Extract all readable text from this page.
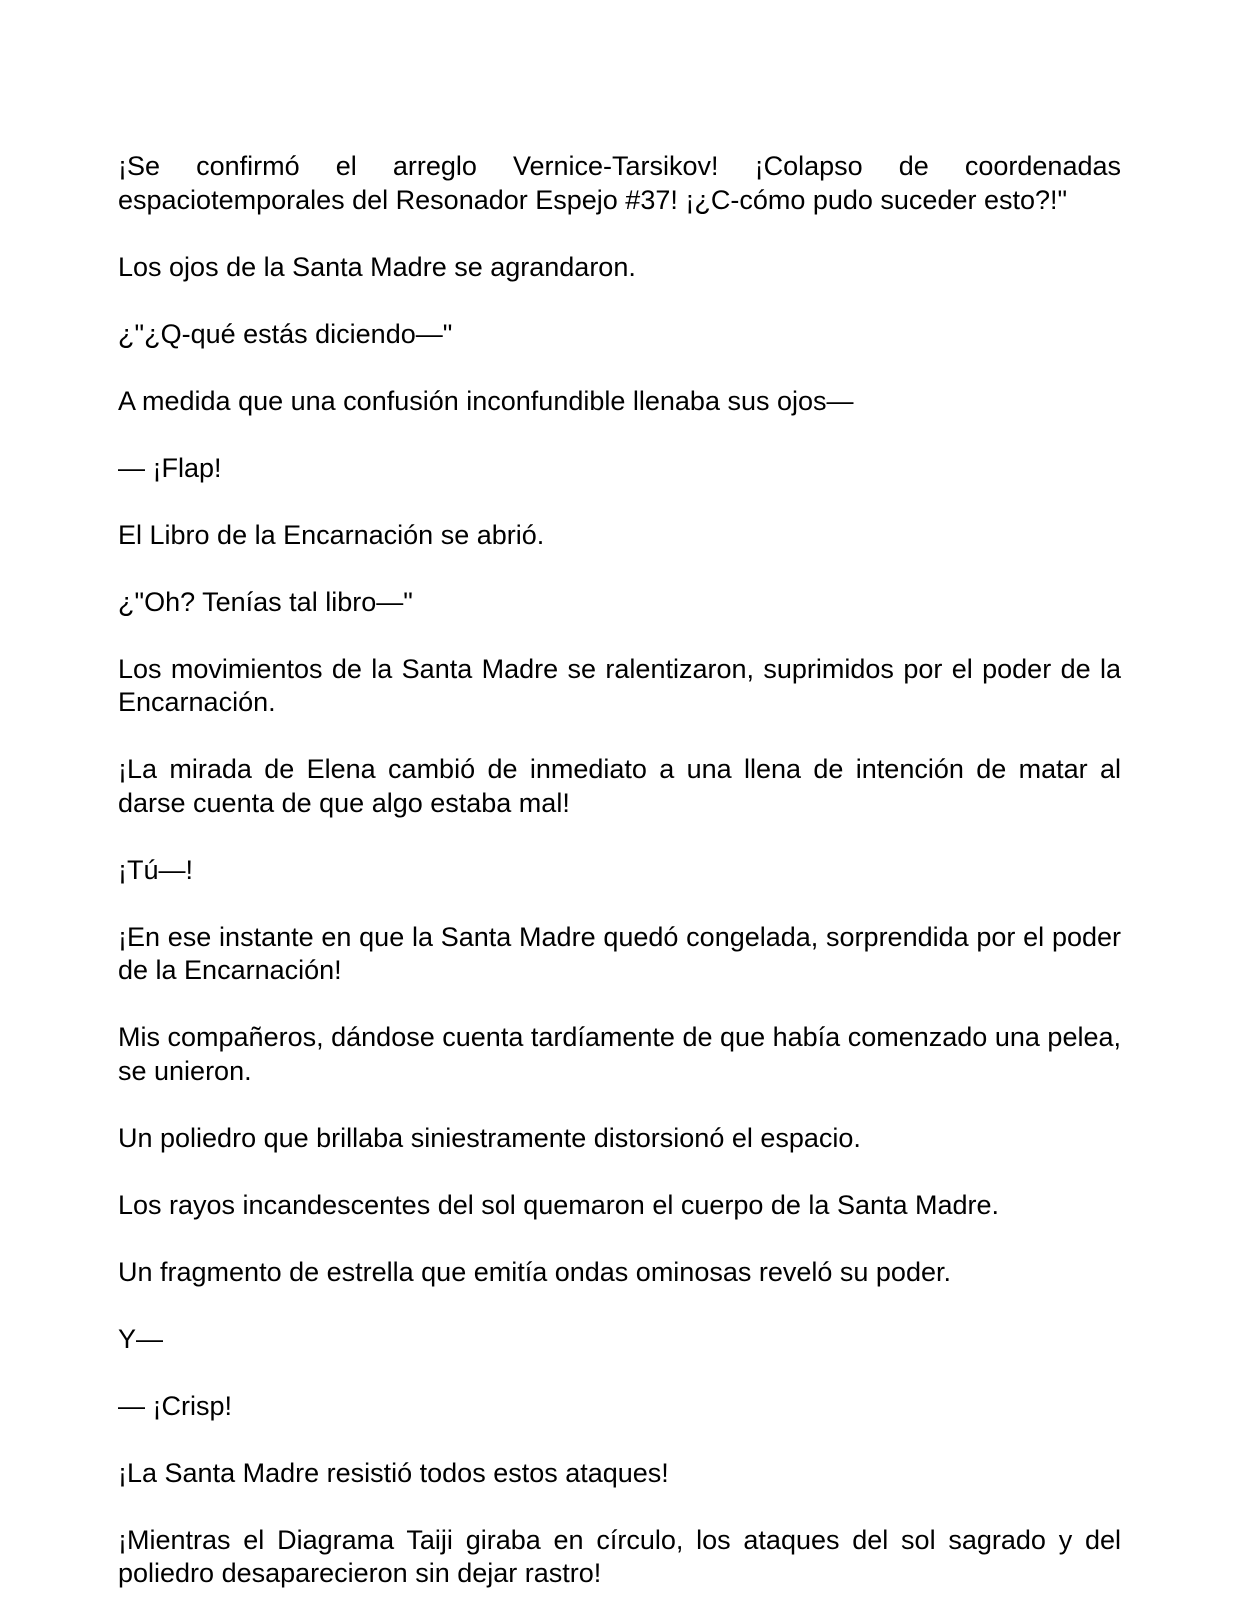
¡Se confirmó el arreglo Vernice-Tarsikov! ¡Colapso de coordenadas espaciotemporales del Resonador Espejo #37! ¡¿C-cómo pudo suceder esto?!"

Los ojos de la Santa Madre se agrandaron.

¿"¿Q-qué estás diciendo—"

A medida que una confusión inconfundible llenaba sus ojos—

— ¡Flap!

El Libro de la Encarnación se abrió.

¿"Oh? Tenías tal libro—"

Los movimientos de la Santa Madre se ralentizaron, suprimidos por el poder de la Encarnación.

¡La mirada de Elena cambió de inmediato a una llena de intención de matar al darse cuenta de que algo estaba mal!

¡Tú—!

¡En ese instante en que la Santa Madre quedó congelada, sorprendida por el poder de la Encarnación!

Mis compañeros, dándose cuenta tardíamente de que había comenzado una pelea, se unieron.

Un poliedro que brillaba siniestramente distorsionó el espacio.

Los rayos incandescentes del sol quemaron el cuerpo de la Santa Madre.

Un fragmento de estrella que emitía ondas ominosas reveló su poder.

Y—

— ¡Crisp!

¡La Santa Madre resistió todos estos ataques!

¡Mientras el Diagrama Taiji giraba en círculo, los ataques del sol sagrado y del poliedro desaparecieron sin dejar rastro!
